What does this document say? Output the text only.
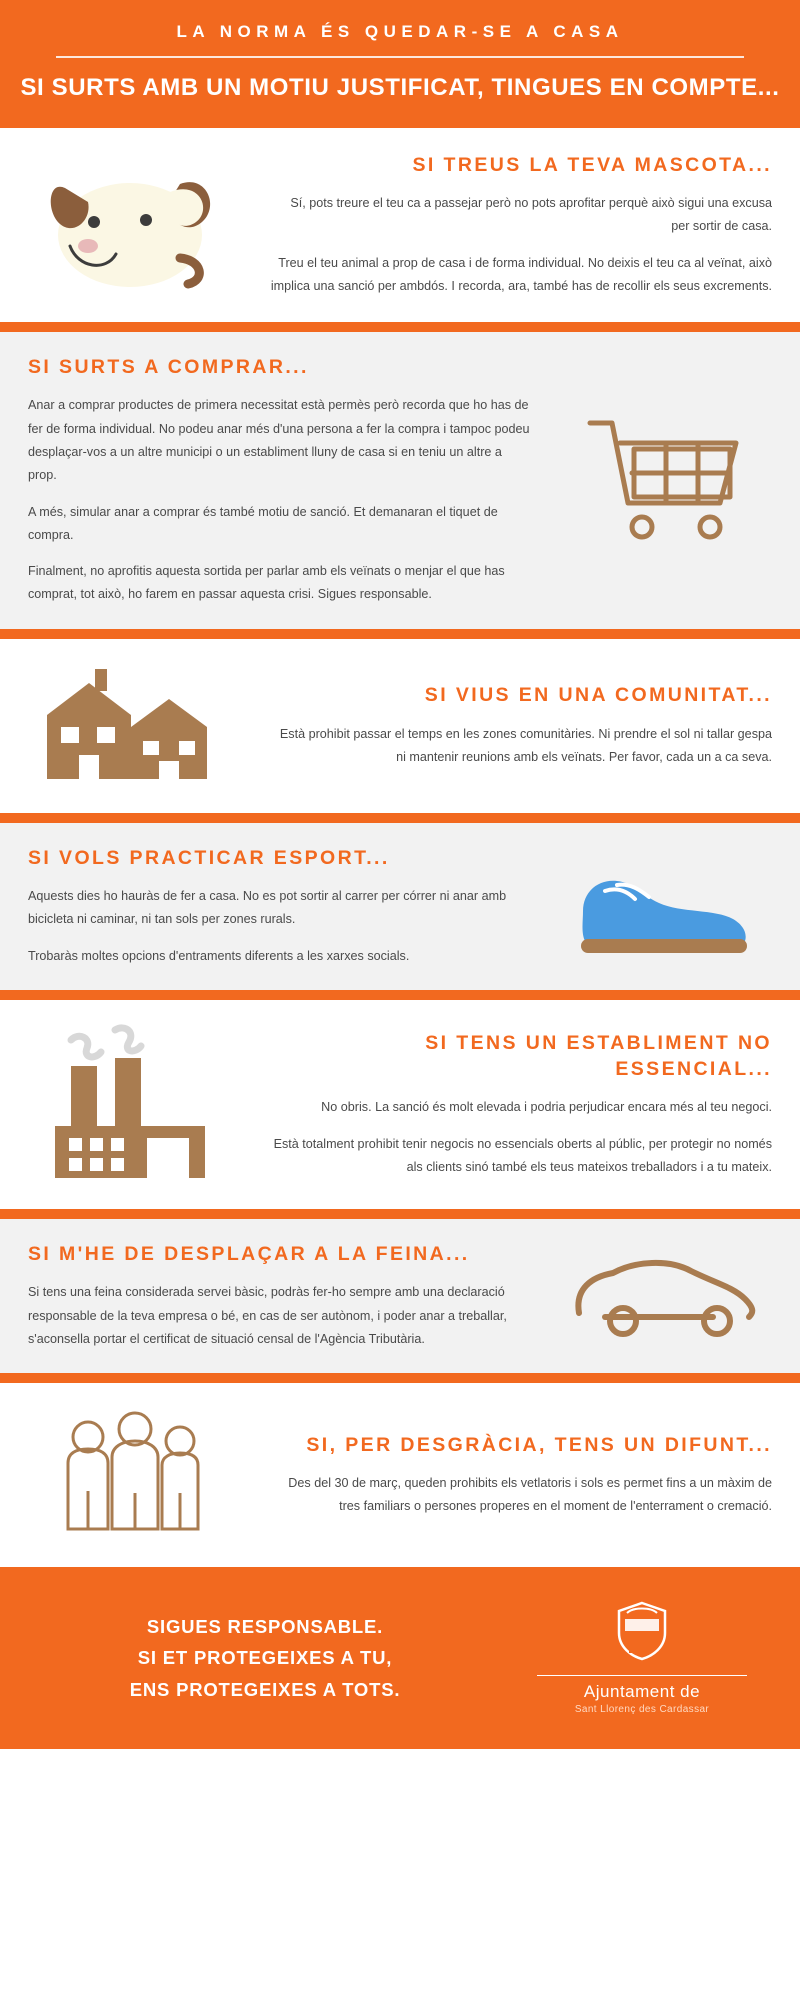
LA NORMA ÉS QUEDAR-SE A CASA
SI SURTS AMB UN MOTIU JUSTIFICAT, TINGUES EN COMPTE...
SI TREUS LA TEVA MASCOTA...

Sí, pots treure el teu ca a passejar però no pots aprofitar perquè això sigui una excusa per sortir de casa.

Treu el teu animal a prop de casa i de forma individual. No deixis el teu ca al veïnat, això implica una sanció per ambdós. I recorda, ara, també has de recollir els seus excrements.

SI SURTS A COMPRAR...

Anar a comprar productes de primera necessitat està permès però recorda que ho has de fer de forma individual. No podeu anar més d'una persona a fer la compra i tampoc podeu desplaçar-vos a un altre municipi o un establiment lluny de casa si en teniu un altre a prop.

A més, simular anar a comprar és també motiu de sanció. Et demanaran el tiquet de compra.

Finalment, no aprofitis aquesta sortida per parlar amb els veïnats o menjar el que has comprat, tot això, ho farem en passar aquesta crisi. Sigues responsable.

SI VIUS EN UNA COMUNITAT...

Està prohibit passar el temps en les zones comunitàries. Ni prendre el sol ni tallar gespa ni mantenir reunions amb els veïnats. Per favor, cada un a ca seva.

SI VOLS PRACTICAR ESPORT...

Aquests dies ho hauràs de fer a casa. No es pot sortir al carrer per córrer ni anar amb bicicleta ni caminar, ni tan sols per zones rurals.

Trobaràs moltes opcions d'entraments diferents a les xarxes socials.

SI TENS UN ESTABLIMENT NO ESSENCIAL...

No obris. La sanció és molt elevada i podria perjudicar encara més al teu negoci.

Està totalment prohibit tenir negocis no essencials oberts al públic, per protegir no només als clients sinó també els teus mateixos treballadors i a tu mateix.

SI M'HE DE DESPLAÇAR A LA FEINA...

Si tens una feina considerada servei bàsic, podràs fer-ho sempre amb una declaració responsable de la teva empresa o bé, en cas de ser autònom, i poder anar a treballar, s'aconsella portar el certificat de situació censal de l'Agència Tributària.

SI, PER DESGRÀCIA, TENS UN DIFUNT...

Des del 30 de març, queden prohibits els vetlatoris i sols es permet fins a un màxim de tres familiars o persones properes en el moment de l'enterrament o cremació.

SIGUES RESPONSABLE.
SI ET PROTEGEIXES A TU,
ENS PROTEGEIXES A TOTS.	Ajuntament de
Sant Llorenç des Cardassar
